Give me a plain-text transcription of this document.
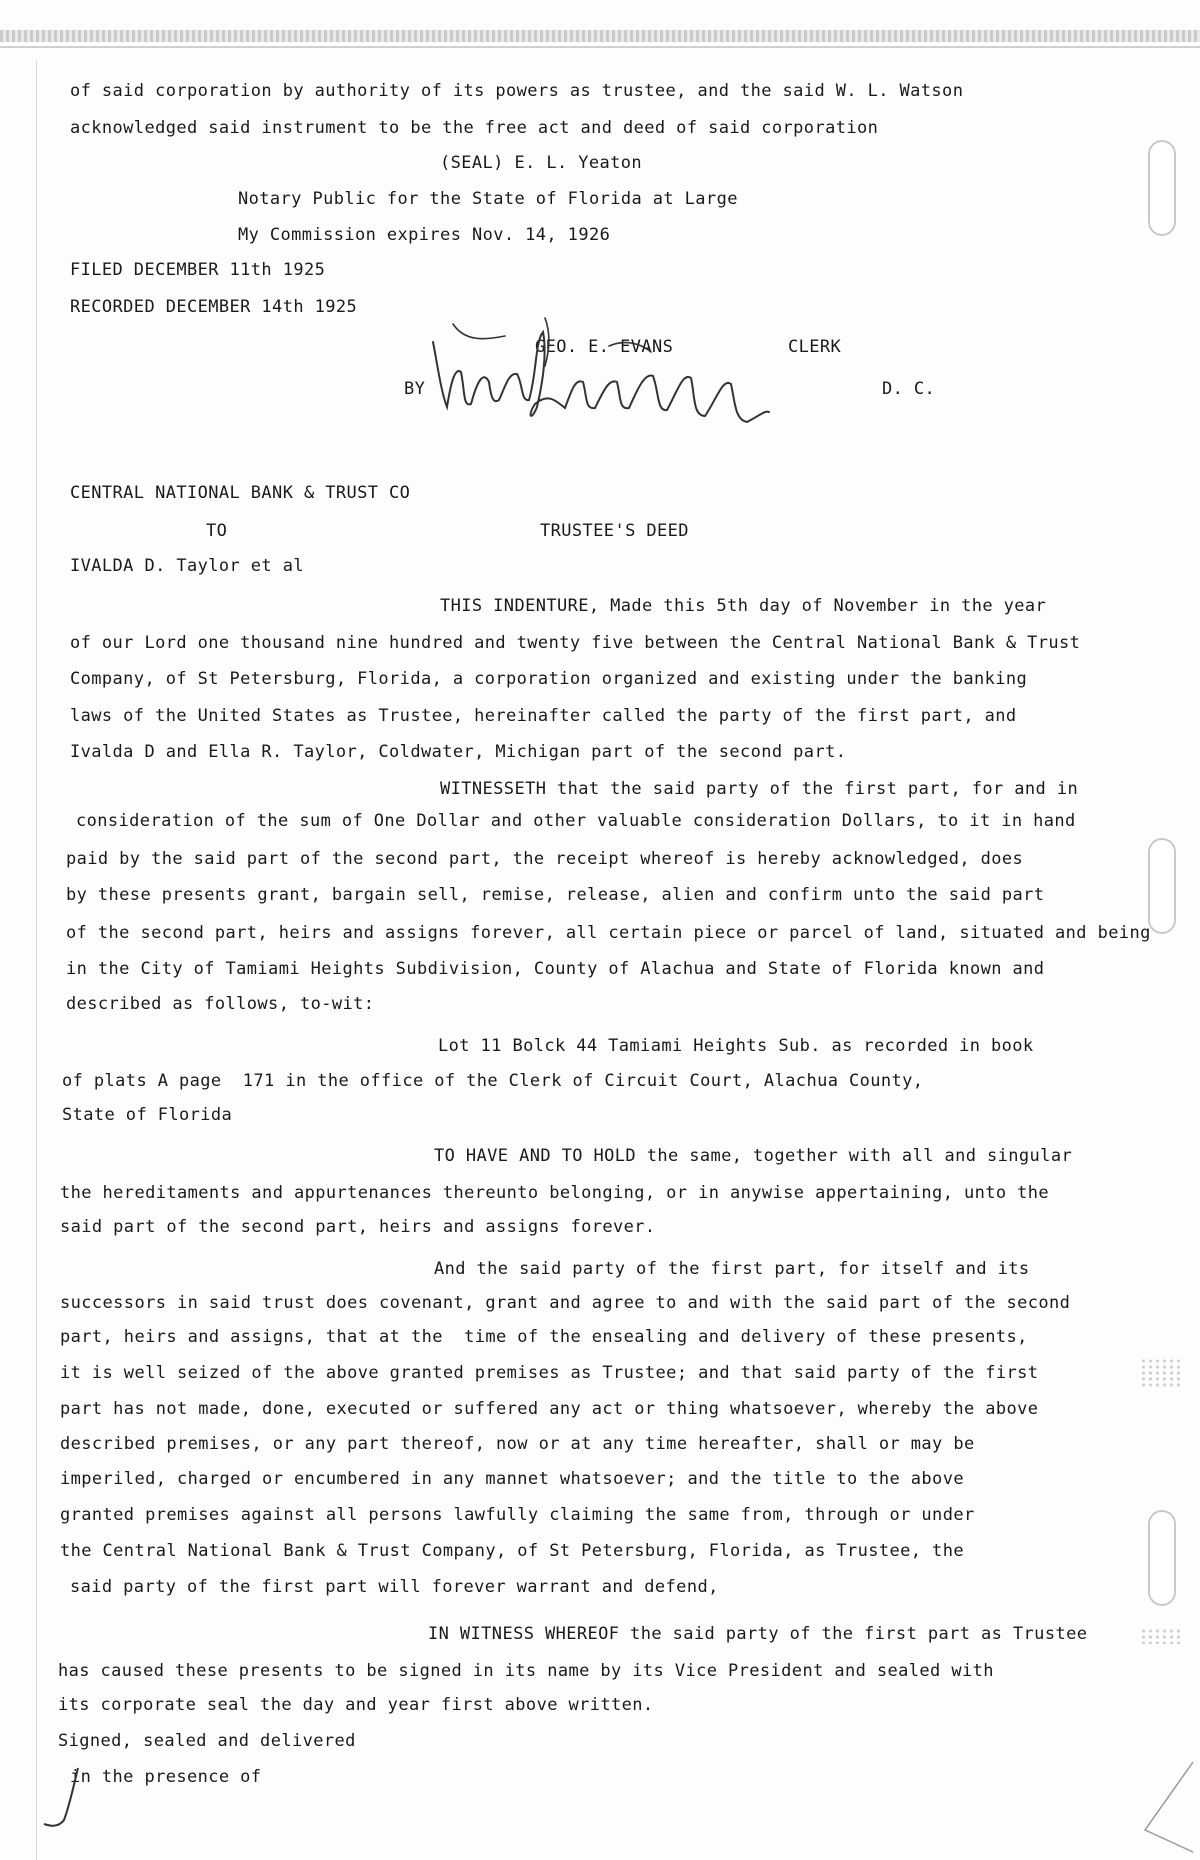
of said corporation by authority of its powers as trustee, and the said W. L. Watson
acknowledged said instrument to be the free act and deed of said corporation
(SEAL) E. L. Yeaton
Notary Public for the State of Florida at Large
My Commission expires Nov. 14, 1926
FILED DECEMBER 11th 1925
RECORDED DECEMBER 14th 1925
GEO. E. EVANS	CLERK
BY	D. C.
CENTRAL NATIONAL BANK & TRUST CO
TO	TRUSTEE'S DEED
IVALDA D. Taylor et al
THIS INDENTURE, Made this 5th day of November in the year
of our Lord one thousand nine hundred and twenty five between the Central National Bank & Trust
Company, of St Petersburg, Florida, a corporation organized and existing under the banking
laws of the United States as Trustee, hereinafter called the party of the first part, and
Ivalda D and Ella R. Taylor, Coldwater, Michigan part of the second part.
WITNESSETH that the said party of the first part, for and in
consideration of the sum of One Dollar and other valuable consideration Dollars, to it in hand
paid by the said part of the second part, the receipt whereof is hereby acknowledged, does
by these presents grant, bargain sell, remise, release, alien and confirm unto the said part
of the second part, heirs and assigns forever, all certain piece or parcel of land, situated and being
in the City of Tamiami Heights Subdivision, County of Alachua and State of Florida known and
described as follows, to-wit:
Lot 11 Bolck 44 Tamiami Heights Sub. as recorded in book
of plats A page  171 in the office of the Clerk of Circuit Court, Alachua County,
State of Florida
TO HAVE AND TO HOLD the same, together with all and singular
the hereditaments and appurtenances thereunto belonging, or in anywise appertaining, unto the
said part of the second part, heirs and assigns forever.
And the said party of the first part, for itself and its
successors in said trust does covenant, grant and agree to and with the said part of the second
part, heirs and assigns, that at the  time of the ensealing and delivery of these presents,
it is well seized of the above granted premises as Trustee; and that said party of the first
part has not made, done, executed or suffered any act or thing whatsoever, whereby the above
described premises, or any part thereof, now or at any time hereafter, shall or may be
imperiled, charged or encumbered in any mannet whatsoever; and the title to the above
granted premises against all persons lawfully claiming the same from, through or under
the Central National Bank & Trust Company, of St Petersburg, Florida, as Trustee, the
said party of the first part will forever warrant and defend,
IN WITNESS WHEREOF the said party of the first part as Trustee
has caused these presents to be signed in its name by its Vice President and sealed with
its corporate seal the day and year first above written.
Signed, sealed and delivered
in the presence of
